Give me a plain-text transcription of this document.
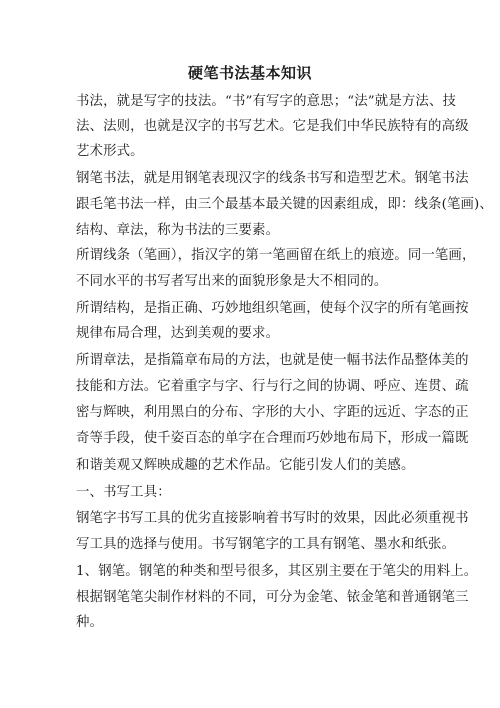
硬笔书法基本知识
书法，就是写字的技法。“书”有写字的意思；“法”就是方法、技
法、法则，也就是汉字的书写艺术。它是我们中华民族特有的高级
艺术形式。
钢笔书法，就是用钢笔表现汉字的线条书写和造型艺术。钢笔书法
跟毛笔书法一样，由三个最基本最关键的因素组成，即：线条(笔画)、
结构、章法，称为书法的三要素。
所谓线条（笔画），指汉字的第一笔画留在纸上的痕迹。同一笔画，
不同水平的书写者写出来的面貌形象是大不相同的。
所谓结构，是指正确、巧妙地组织笔画，使每个汉字的所有笔画按
规律布局合理，达到美观的要求。
所谓章法，是指篇章布局的方法，也就是使一幅书法作品整体美的
技能和方法。它着重字与字、行与行之间的协调、呼应、连贯、疏
密与辉映，利用黑白的分布、字形的大小、字距的远近、字态的正
奇等手段，使千姿百态的单字在合理而巧妙地布局下，形成一篇既
和谐美观又辉映成趣的艺术作品。它能引发人们的美感。
一、书写工具：
钢笔字书写工具的优劣直接影响着书写时的效果，因此必须重视书
写工具的选择与使用。书写钢笔字的工具有钢笔、墨水和纸张。
1、钢笔。钢笔的种类和型号很多，其区别主要在于笔尖的用料上。
根据钢笔笔尖制作材料的不同，可分为金笔、铱金笔和普通钢笔三
种。
